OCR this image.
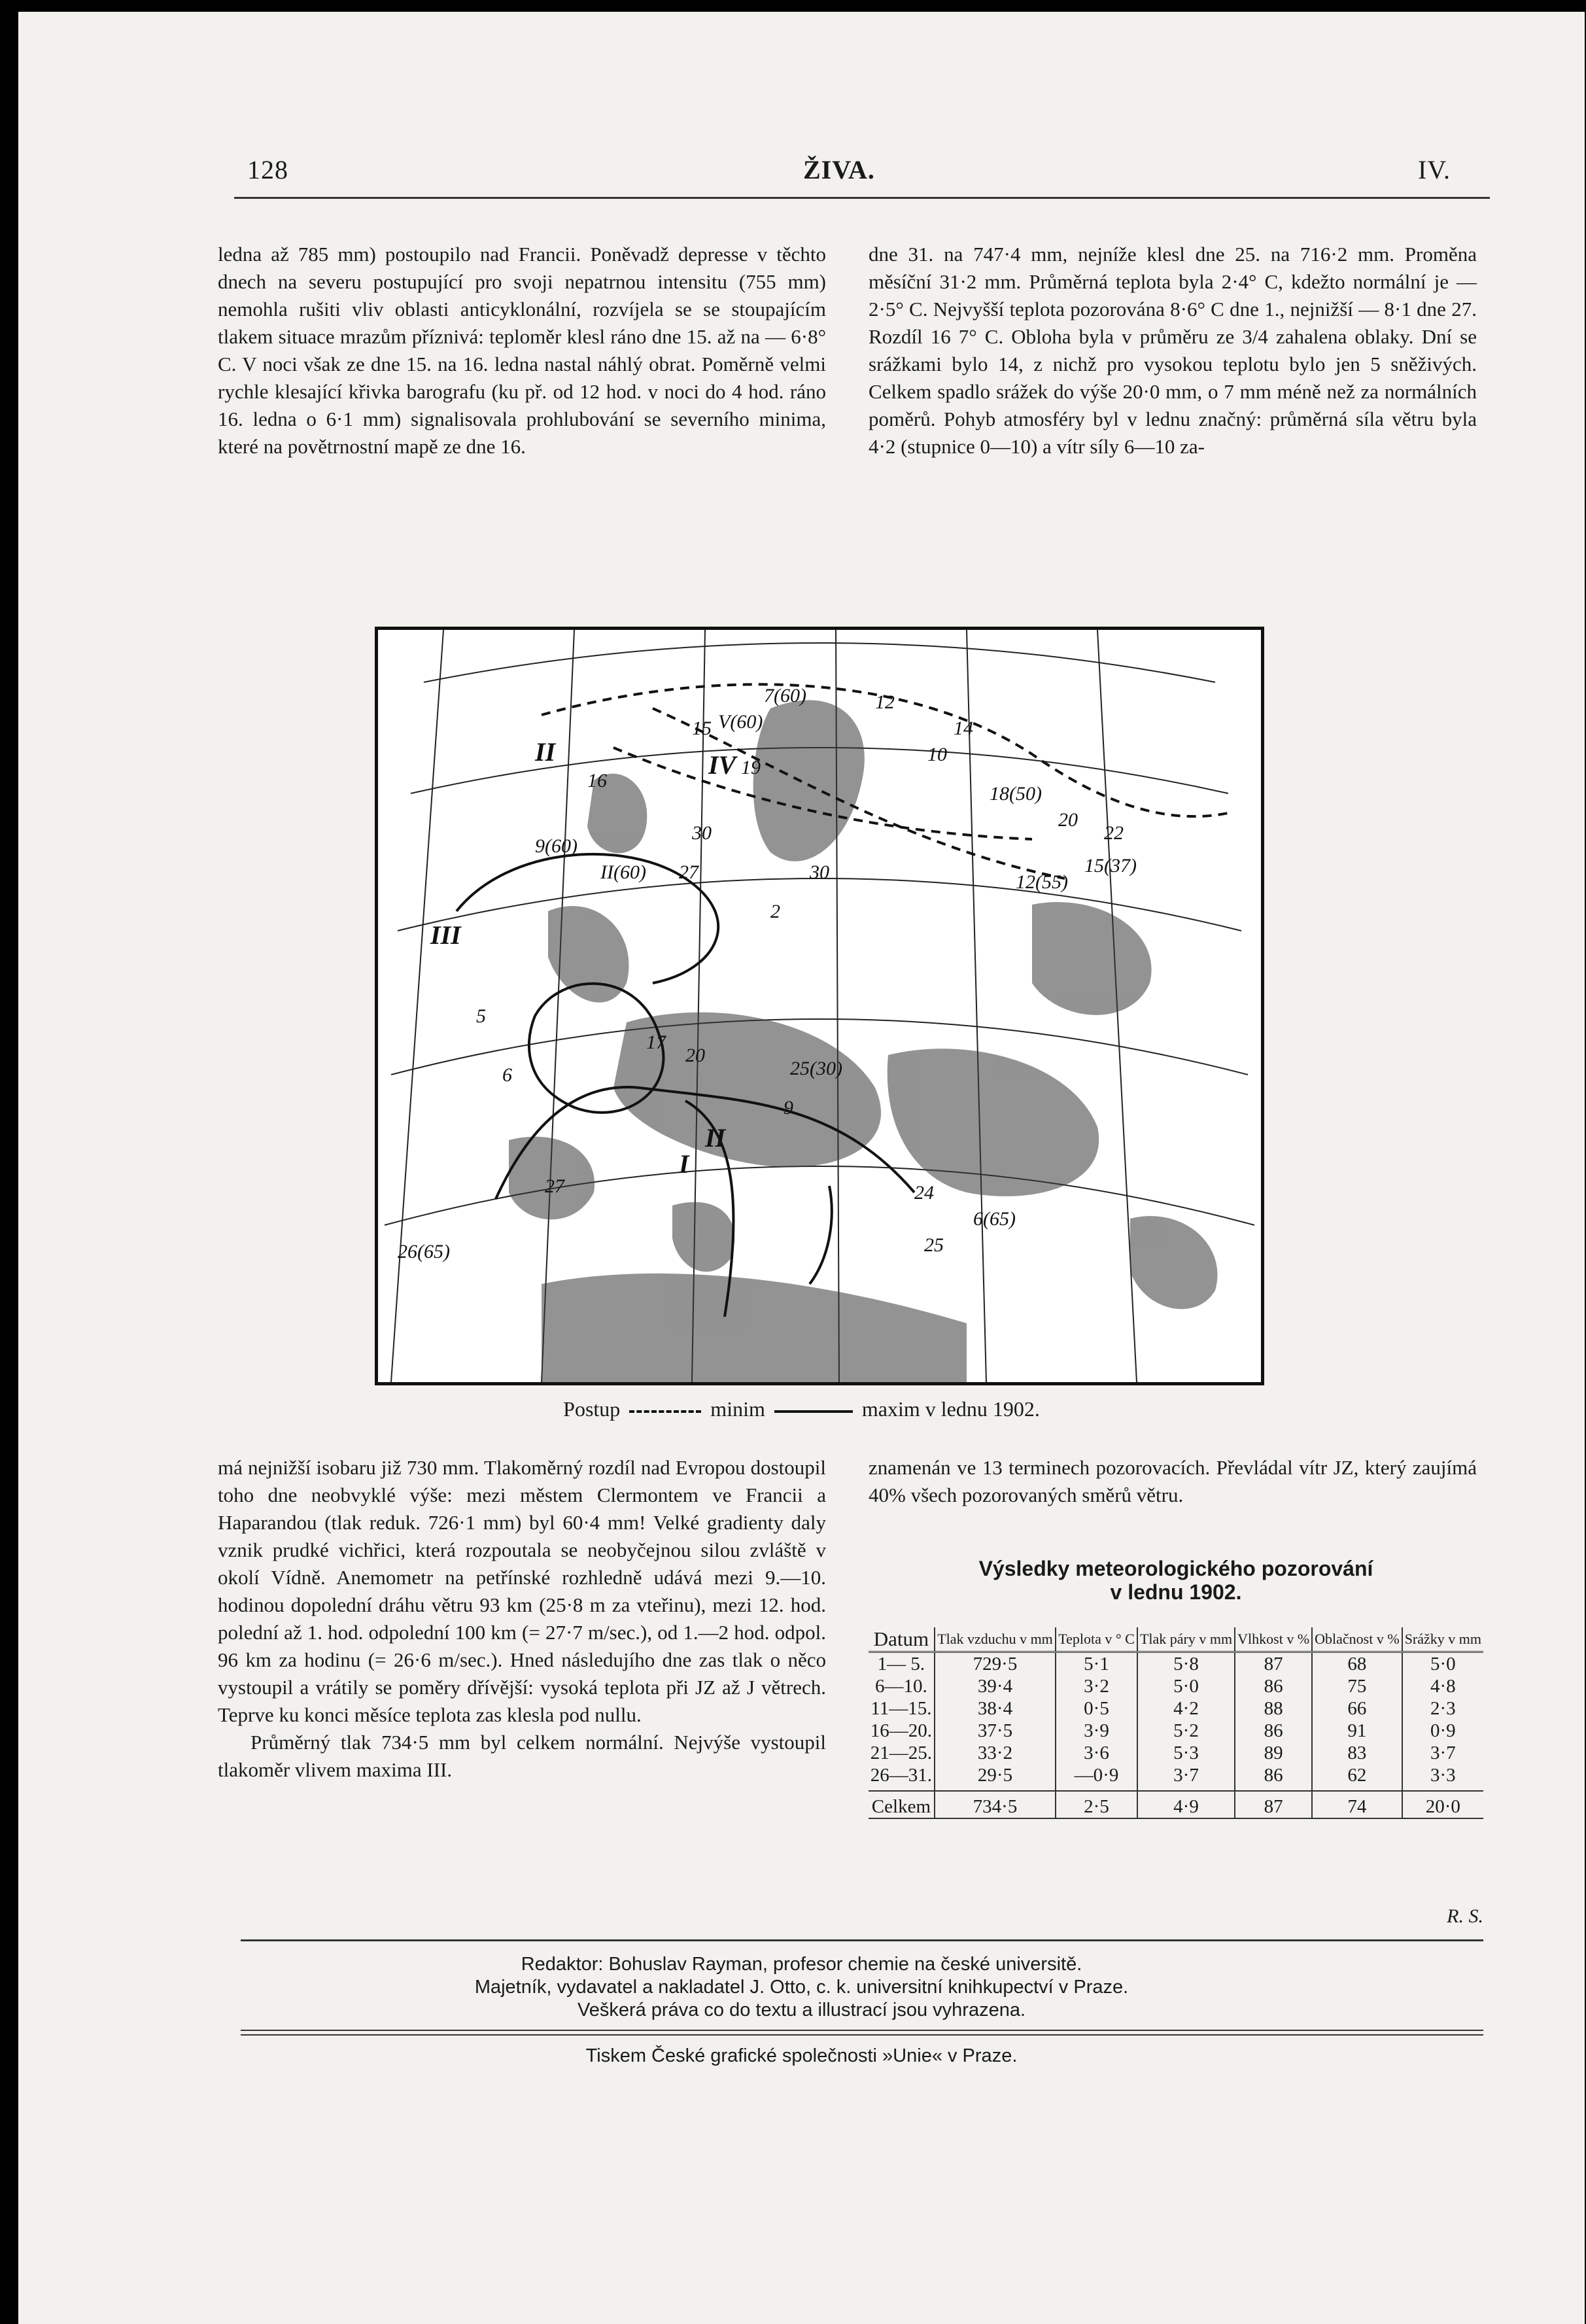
128	ŽIVA.	IV.

ledna až 785 mm) postoupilo nad Francii. Poněvadž depresse v těchto dnech na severu postupující pro svoji nepatrnou intensitu (755 mm) nemohla rušiti vliv oblasti anticyklonální, rozvíjela se se stoupajícím tlakem situace mrazům příznivá: teploměr klesl ráno dne 15. až na — 6·8° C. V noci však ze dne 15. na 16. ledna nastal náhlý obrat. Poměrně velmi rychle klesající křivka barografu (ku př. od 12 hod. v noci do 4 hod. ráno 16. ledna o 6·1 mm) signalisovala prohlubování se severního minima, které na povětrnostní mapě ze dne 16.

dne 31. na 747·4 mm, nejníže klesl dne 25. na 716·2 mm. Proměna měsíční 31·2 mm. Průměrná teplota byla 2·4° C, kdežto normální je — 2·5° C. Nejvyšší teplota pozorována 8·6° C dne 1., nejnižší — 8·1 dne 27. Rozdíl 16 7° C. Obloha byla v průměru ze 3/4 zahalena oblaky. Dní se srážkami bylo 14, z nichž pro vysokou teplotu bylo jen 5 sněživých. Celkem spadlo srážek do výše 20·0 mm, o 7 mm méně než za normálních poměrů. Pohyb atmosféry byl v lednu značný: průměrná síla větru byla 4·2 (stupnice 0—10) a vítr síly 6—10 za-

15 V(60)
7(60)
II	IV
16
19
12
10
14
18(50)
22
15(37)
20
30	12(55)
9(60)
II(60) 27
III
30
2
5
6
17
20
25(30)
II
27
26(65)	25
I
6(65)
9
24
Postup	minim	maxim v lednu 1902.

má nejnižší isobaru již 730 mm. Tlakoměrný rozdíl nad Evropou dostoupil toho dne neobvyklé výše: mezi městem Clermontem ve Francii a Haparandou (tlak reduk. 726·1 mm) byl 60·4 mm! Velké gradienty daly vznik prudké vichřici, která rozpoutala se neobyčejnou silou zvláště v okolí Vídně. Anemometr na petřínské rozhledně udává mezi 9.—10. hodinou dopolední dráhu větru 93 km (25·8 m za vteřinu), mezi 12. hod. polední až 1. hod. odpolední 100 km (= 27·7 m/sec.), od 1.—2 hod. odpol. 96 km za hodinu (= 26·6 m/sec.). Hned následujího dne zas tlak o něco vystoupil a vrátily se poměry dřívější: vysoká teplota při JZ až J větrech. Teprve ku konci měsíce teplota zas klesla pod nullu.

Průměrný tlak 734·5 mm byl celkem normální. Nejvýše vystoupil tlakoměr vlivem maxima III.

znamenán ve 13 terminech pozorovacích. Převládal vítr JZ, který zaujímá 40% všech pozorovaných směrů větru.

Výsledky meteorologického pozorování
v lednu 1902.
Datum	Tlak vzduchu v mm	Teplota v ° C	Tlak páry v mm	Vlhkost v %	Oblačnost v %	Srážky v mm
1— 5.	729·5	5·1	5·8	87	68	5·0
6—10.	39·4	3·2	5·0	86	75	4·8
11—15.	38·4	0·5	4·2	88	66	2·3
16—20.	37·5	3·9	5·2	86	91	0·9
21—25.	33·2	3·6	5·3	89	83	3·7
26—31.	29·5	—0·9	3·7	86	62	3·3
Celkem	734·5	2·5	4·9	87	74	20·0
R. S.
Redaktor: Bohuslav Rayman, profesor chemie na české universitě.
Majetník, vydavatel a nakladatel J. Otto, c. k. universitní knihkupectví v Praze.
Veškerá práva co do textu a illustrací jsou vyhrazena.
Tiskem České grafické společnosti »Unie« v Praze.
